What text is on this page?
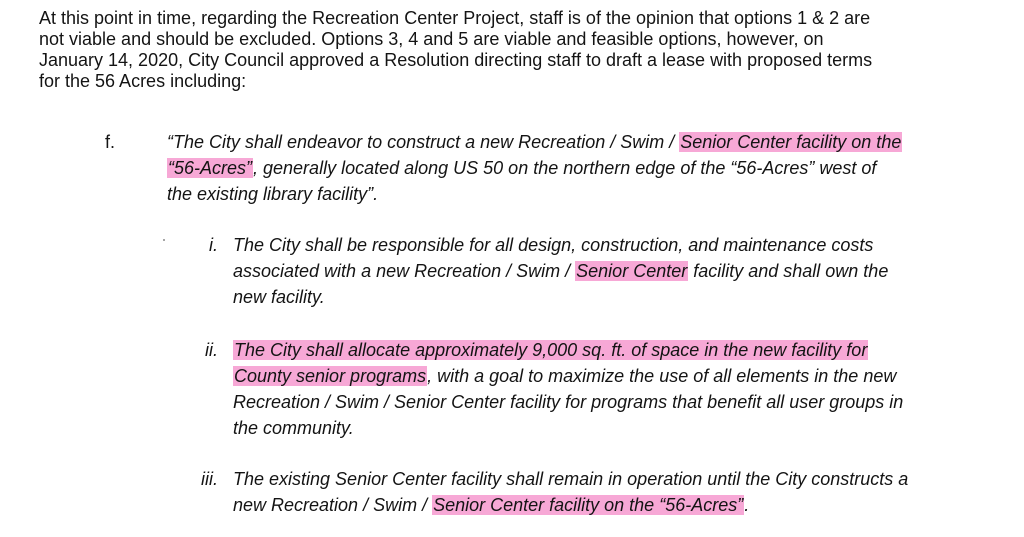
At this point in time, regarding the Recreation Center Project, staff is of the opinion that options 1 & 2 are
not viable and should be excluded. Options 3, 4 and 5 are viable and feasible options, however, on
January 14, 2020, City Council approved a Resolution directing staff to draft a lease with proposed terms
for the 56 Acres including:
f.	“The City shall endeavor to construct a new Recreation / Swim / Senior Center facility on the
“56-Acres”, generally located along US 50 on the northern edge of the “56-Acres” west of
the existing library facility”.
i. The City shall be responsible for all design, construction, and maintenance costs
associated with a new Recreation / Swim / Senior Center facility and shall own the
new facility.
ii. The City shall allocate approximately 9,000 sq. ft. of space in the new facility for
County senior programs, with a goal to maximize the use of all elements in the new
Recreation / Swim / Senior Center facility for programs that benefit all user groups in
the community.
iii. The existing Senior Center facility shall remain in operation until the City constructs a
new Recreation / Swim / Senior Center facility on the “56-Acres”.
